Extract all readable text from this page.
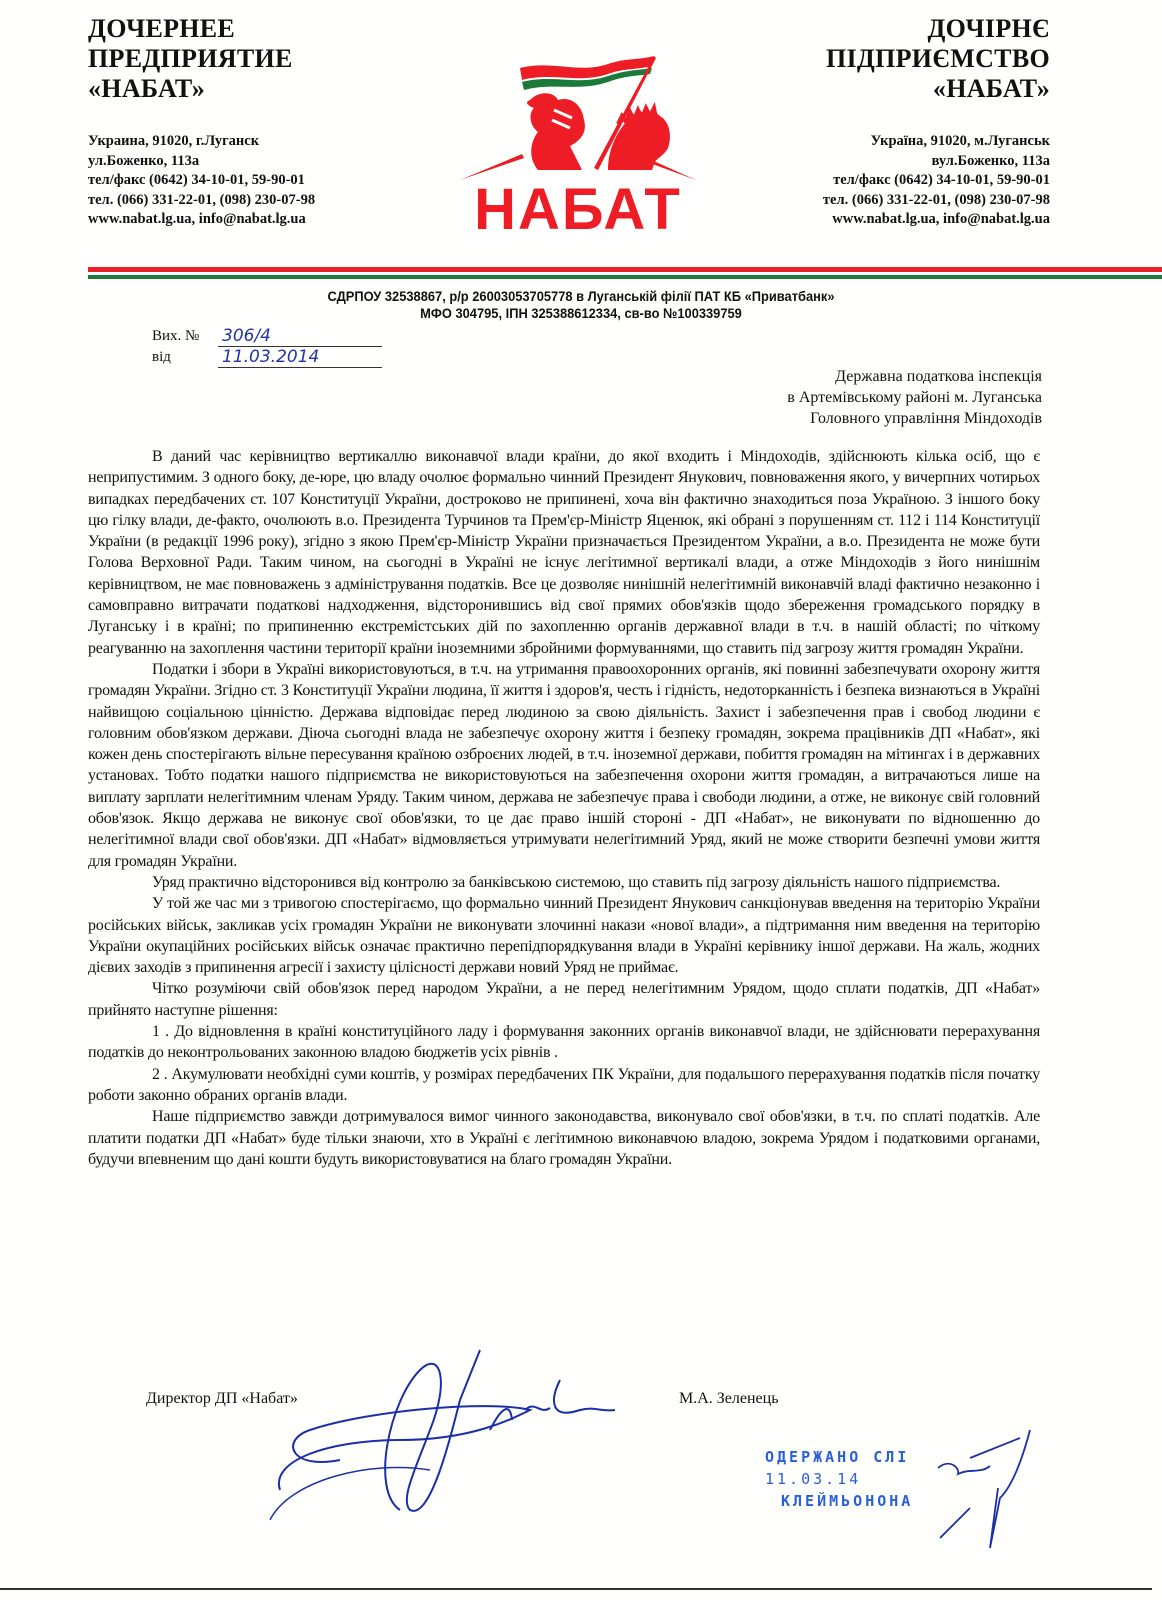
ДОЧЕРНЕЕ
ПРЕДПРИЯТИЕ
«НАБАТ»
Украина, 91020, г.Луганск
ул.Боженко, 113а
тел/факс (0642) 34-10-01, 59-90-01
тел. (066) 331-22-01, (098) 230-07-98
www.nabat.lg.ua, info@nabat.lg.ua	НАБАТ
ДОЧІРНЄ
ПІДПРИЄМСТВО
«НАБАТ»
Україна, 91020, м.Луганськ
вул.Боженко, 113а
тел/факс (0642) 34-10-01, 59-90-01
тел. (066) 331-22-01, (098) 230-07-98
www.nabat.lg.ua, info@nabat.lg.ua
СДРПОУ 32538867, р/р 26003053705778 в Луганській філії ПАТ КБ «Приватбанк»
МФО 304795, ІПН 325388612334, св-во №100339759
Вих. №	306/4
від	11.03.2014
Державна податкова інспекція
в Артемівському районі м. Луганська
Головного управління Міндоходів

В даний час керівництво вертикаллю виконавчої влади країни, до якої входить і Міндоходів, здійснюють кілька осіб, що є неприпустимим. З одного боку, де-юре, цю владу очолює формально чинний Президент Янукович, повноваження якого, у вичерпних чотирьох випадках передбачених ст. 107 Конституції України, достроково не припинені, хоча він фактично знаходиться поза Україною. З іншого боку цю гілку влади, де-факто, очолюють в.о. Президента Турчинов та Прем'єр-Міністр Яценюк, які обрані з порушенням ст. 112 і 114 Конституції України (в редакції 1996 року), згідно з якою Прем'єр-Міністр України призначається Президентом України, а в.о. Президента не може бути Голова Верховної Ради. Таким чином, на сьогодні в Україні не існує легітимної вертикалі влади, а отже Міндоходів з його нинішнім керівництвом, не має повноважень з адміністрування податків. Все це дозволяє нинішній нелегітимній виконавчій владі фактично незаконно і самовправно витрачати податкові надходження, відсторонившись від свої прямих обов'язків щодо збереження громадського порядку в Луганську і в країні; по припиненню екстремістських дій по захопленню органів державної влади в т.ч. в нашій області; по чіткому реагуванню на захоплення частини території країни іноземними збройними формуваннями, що ставить під загрозу життя громадян України.

Податки і збори в Україні використовуються, в т.ч. на утримання правоохоронних органів, які повинні забезпечувати охорону життя громадян України. Згідно ст. 3 Конституції України людина, її життя і здоров'я, честь і гідність, недоторканність і безпека визнаються в Україні найвищою соціальною цінністю. Держава відповідає перед людиною за свою діяльність. Захист і забезпечення прав і свобод людини є головним обов'язком держави. Діюча сьогодні влада не забезпечує охорону життя і безпеку громадян, зокрема працівників ДП «Набат», які кожен день спостерігають вільне пересування країною озброєних людей, в т.ч. іноземної держави, побиття громадян на мітингах і в державних установах. Тобто податки нашого підприємства не використовуються на забезпечення охорони життя громадян, а витрачаються лише на виплату зарплати нелегітимним членам Уряду. Таким чином, держава не забезпечує права і свободи людини, а отже, не виконує свій головний обов'язок. Якщо держава не виконує свої обов'язки, то це дає право іншій стороні - ДП «Набат», не виконувати по відношенню до нелегітимної влади свої обов'язки. ДП «Набат» відмовляється утримувати нелегітимний Уряд, який не може створити безпечні умови життя для громадян України.

Уряд практично відсторонився від контролю за банківською системою, що ставить під загрозу діяльність нашого підприємства.

У той же час ми з тривогою спостерігаємо, що формально чинний Президент Янукович санкціонував введення на територію України російських військ, закликав усіх громадян України не виконувати злочинні накази «нової влади», а підтримання ним введення на територію України окупаційних російських військ означає практично перепідпорядкування влади в Україні керівнику іншої держави. На жаль, жодних дієвих заходів з припинення агресії і захисту цілісності держави новий Уряд не приймає.

Чітко розуміючи свій обов'язок перед народом України, а не перед нелегітимним Урядом, щодо сплати податків, ДП «Набат» прийнято наступне рішення:

1 . До відновлення в країні конституційного ладу і формування законних органів виконавчої влади, не здійснювати перерахування податків до неконтрольованих законною владою бюджетів усіх рівнів .

2 . Акумулювати необхідні суми коштів, у розмірах передбачених ПК України, для подальшого перерахування податків після початку роботи законно обраних органів влади.

Наше підприємство завжди дотримувалося вимог чинного законодавства, виконувало свої обов'язки, в т.ч. по сплаті податків. Але платити податки ДП «Набат» буде тільки знаючи, хто в Україні є легітимною виконавчою владою, зокрема Урядом і податковими органами, будучи впевненим що дані кошти будуть використовуватися на благо громадян України.

Директор ДП «Набат»	М.А. Зеленець
ОДЕРЖАНО СЛІ
11.03.14
КЛЕЙМЬОНОНА
